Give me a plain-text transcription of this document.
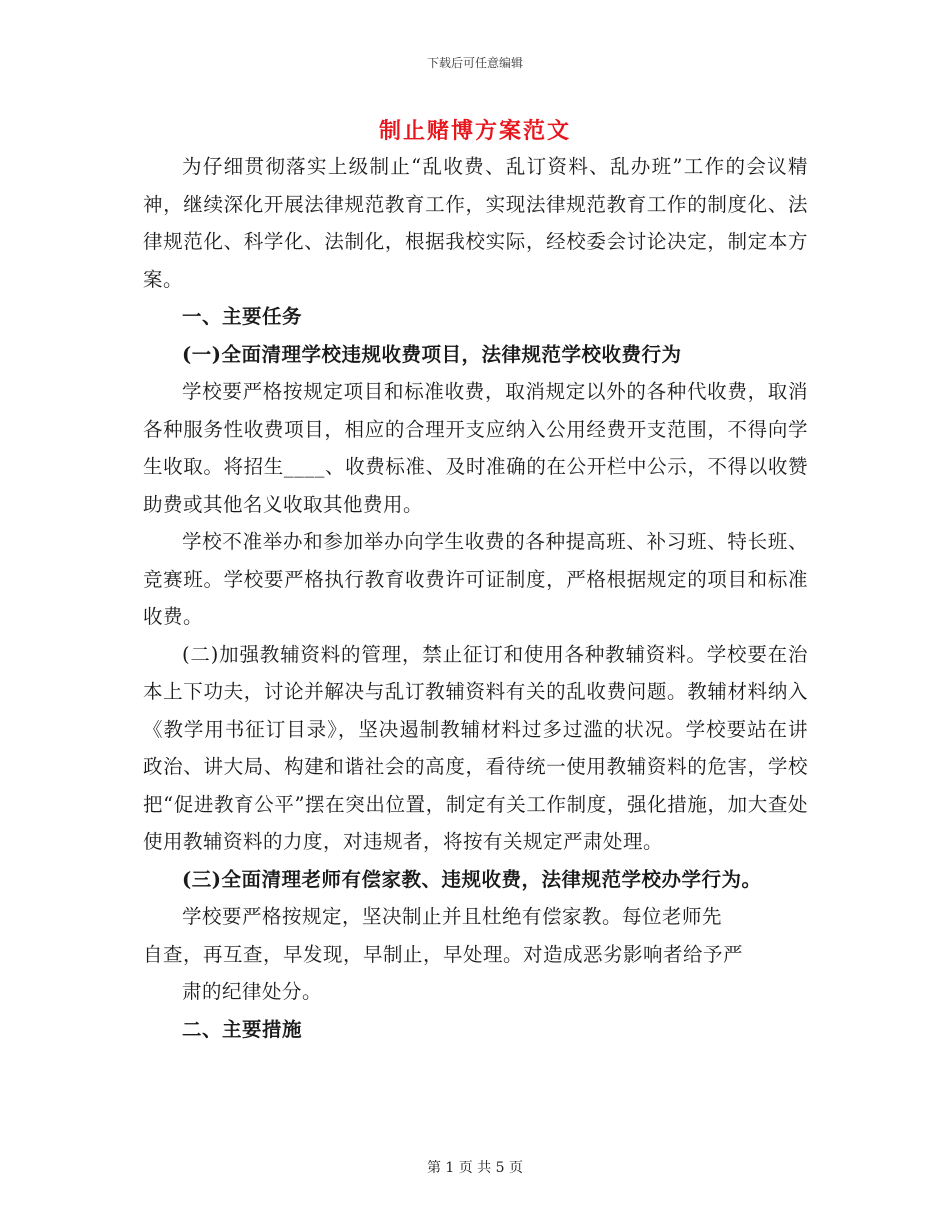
下载后可任意编辑
制止赌博方案范文

为仔细贯彻落实上级制止“乱收费、乱订资料、乱办班”工作的会议精神，继续深化开展法律规范教育工作，实现法律规范教育工作的制度化、法律规范化、科学化、法制化，根据我校实际，经校委会讨论决定，制定本方案。

一、主要任务

(一)全面清理学校违规收费项目，法律规范学校收费行为

学校要严格按规定项目和标准收费，取消规定以外的各种代收费，取消各种服务性收费项目，相应的合理开支应纳入公用经费开支范围，不得向学生收取。将招生____、收费标准、及时准确的在公开栏中公示，不得以收赞助费或其他名义收取其他费用。

学校不准举办和参加举办向学生收费的各种提高班、补习班、特长班、竞赛班。学校要严格执行教育收费许可证制度，严格根据规定的项目和标准收费。

(二)加强教辅资料的管理，禁止征订和使用各种教辅资料。学校要在治本上下功夫，讨论并解决与乱订教辅资料有关的乱收费问题。教辅材料纳入《教学用书征订目录》，坚决遏制教辅材料过多过滥的状况。学校要站在讲政治、讲大局、构建和谐社会的高度，看待统一使用教辅资料的危害，学校把“促进教育公平”摆在突出位置，制定有关工作制度，强化措施，加大查处使用教辅资料的力度，对违规者，将按有关规定严肃处理。

(三)全面清理老师有偿家教、违规收费，法律规范学校办学行为。

学校要严格按规定，坚决制止并且杜绝有偿家教。每位老师先

自查，再互查，早发现，早制止，早处理。对造成恶劣影响者给予严

肃的纪律处分。

二、主要措施

第 1 页 共 5 页
